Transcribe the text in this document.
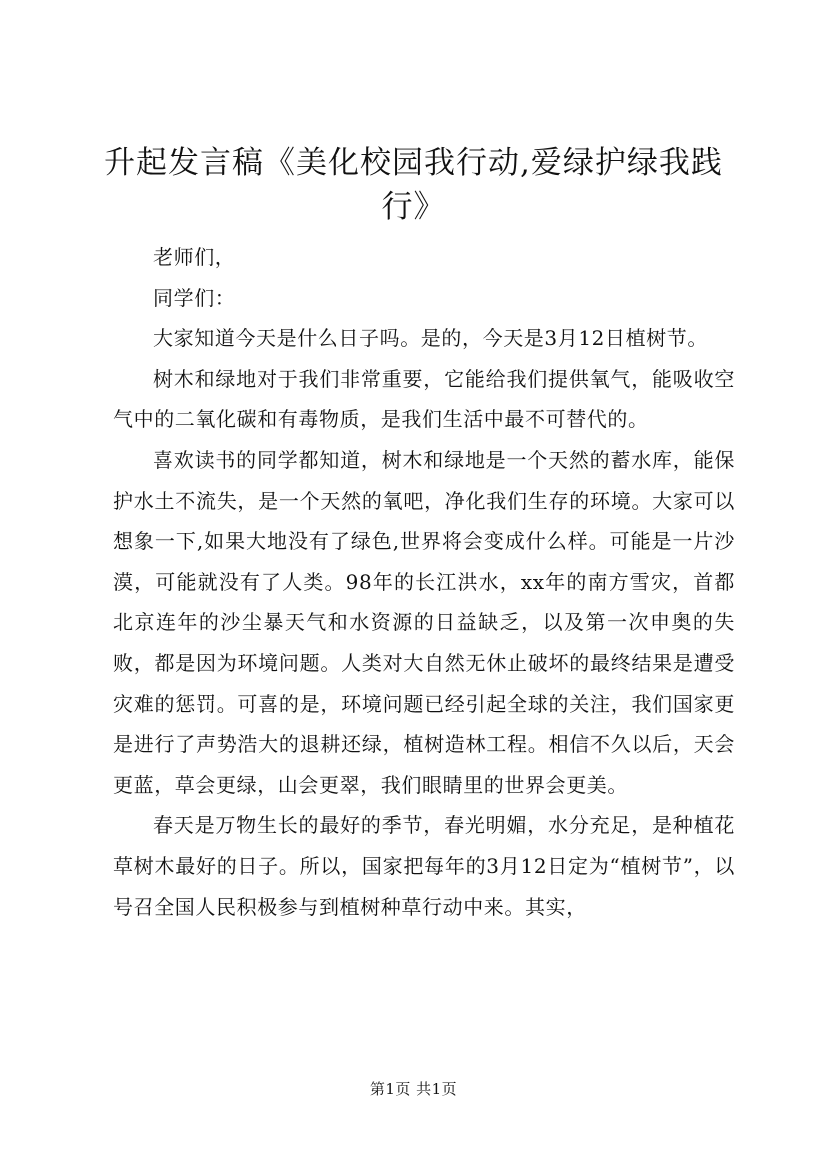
升起发言稿《美化校园我行动,爱绿护绿我践行》

老师们，

同学们：

大家知道今天是什么日子吗。是的，今天是3月12日植树节。

树木和绿地对于我们非常重要，它能给我们提供氧气，能吸收空气中的二氧化碳和有毒物质，是我们生活中最不可替代的。

喜欢读书的同学都知道，树木和绿地是一个天然的蓄水库，能保护水土不流失，是一个天然的氧吧，净化我们生存的环境。大家可以想象一下,如果大地没有了绿色,世界将会变成什么样。可能是一片沙漠，可能就没有了人类。98年的长江洪水，xx年的南方雪灾，首都北京连年的沙尘暴天气和水资源的日益缺乏，以及第一次申奥的失败，都是因为环境问题。人类对大自然无休止破坏的最终结果是遭受灾难的惩罚。可喜的是，环境问题已经引起全球的关注，我们国家更是进行了声势浩大的退耕还绿，植树造林工程。相信不久以后，天会更蓝，草会更绿，山会更翠，我们眼睛里的世界会更美。

春天是万物生长的最好的季节，春光明媚，水分充足，是种植花草树木最好的日子。所以，国家把每年的3月12日定为“植树节”，以号召全国人民积极参与到植树种草行动中来。其实，

第1页 共1页
